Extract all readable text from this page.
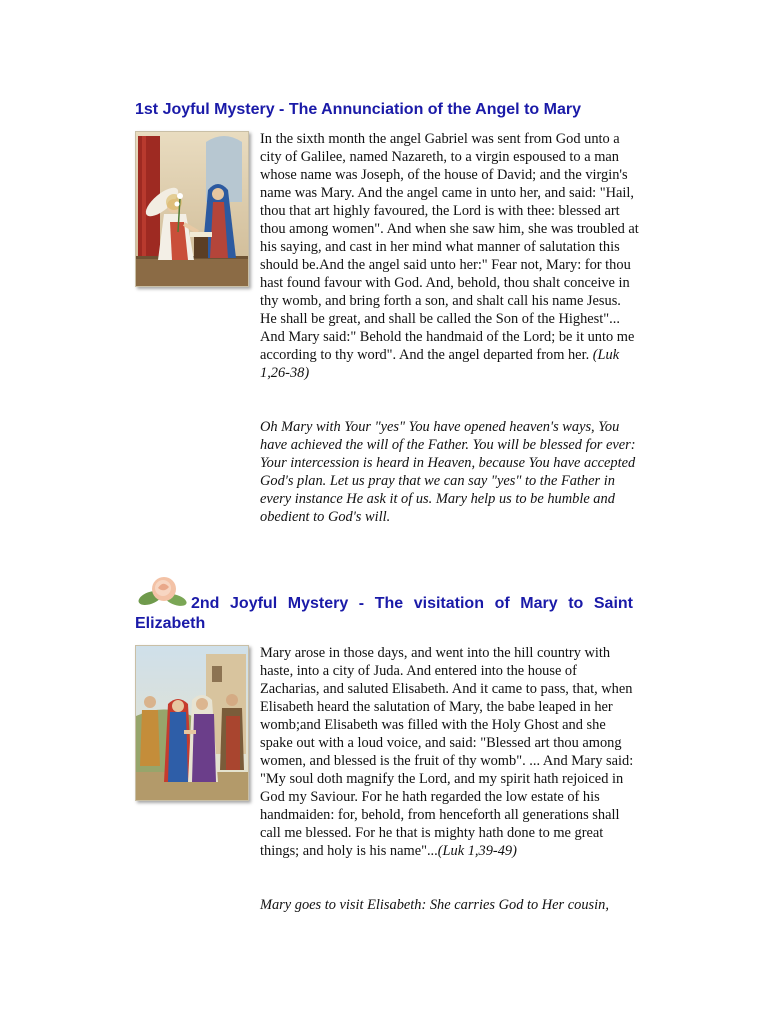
1st Joyful Mystery - The Annunciation of the Angel to Mary

In the sixth month the angel Gabriel was sent from God unto a city of Galilee, named Nazareth, to a virgin espoused to a man whose name was Joseph, of the house of David; and the virgin's name was Mary. And the angel came in unto her, and said: "Hail, thou that art highly favoured, the Lord is with thee: blessed art thou among women". And when she saw him, she was troubled at his saying, and cast in her mind what manner of salutation this should be.And the angel said unto her:" Fear not, Mary: for thou hast found favour with God. And, behold, thou shalt conceive in thy womb, and bring forth a son, and shalt call his name Jesus. He shall be great, and shall be called the Son of the Highest"... And Mary said:" Behold the handmaid of the Lord; be it unto me according to thy word". And the angel departed from her. (Luk 1,26-38)

Oh Mary with Your "yes" You have opened heaven's ways, You have achieved the will of the Father. You will be blessed for ever: Your intercession is heard in Heaven, because You have accepted God's plan. Let us pray that we can say "yes" to the Father in every instance He ask it of us. Mary help us to be humble and obedient to God's will.

2nd Joyful Mystery - The visitation of Mary to Saint Elizabeth

Mary arose in those days, and went into the hill country with haste, into a city of Juda. And entered into the house of Zacharias, and saluted Elisabeth. And it came to pass, that, when Elisabeth heard the salutation of Mary, the babe leaped in her womb;and Elisabeth was filled with the Holy Ghost and she spake out with a loud voice, and said: "Blessed art thou among women, and blessed is the fruit of thy womb". ... And Mary said: "My soul doth magnify the Lord, and my spirit hath rejoiced in God my Saviour. For he hath regarded the low estate of his handmaiden: for, behold, from henceforth all generations shall call me blessed. For he that is mighty hath done to me great things; and holy is his name"...(Luk 1,39-49)

Mary goes to visit Elisabeth: She carries God to Her cousin,
